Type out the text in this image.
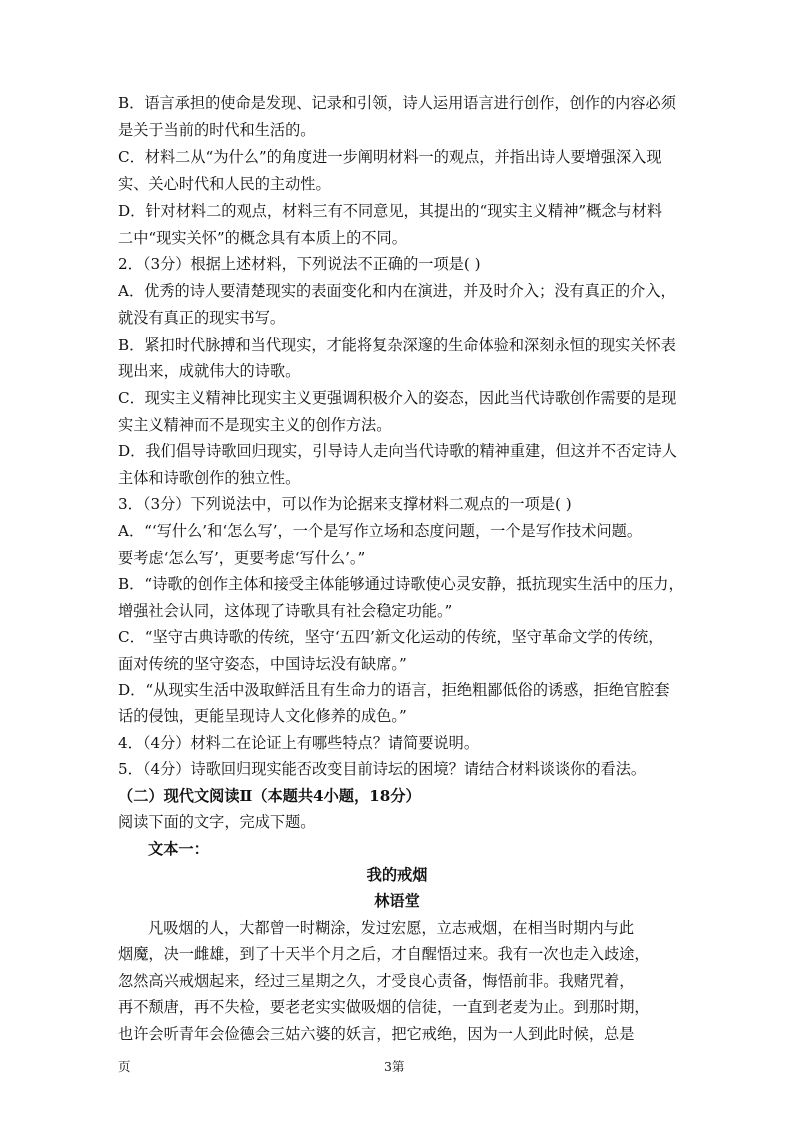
B．语言承担的使命是发现、记录和引领，诗人运用语言进行创作，创作的内容必须
是关于当前的时代和生活的。
C．材料二从“为什么”的角度进一步阐明材料一的观点，并指出诗人要增强深入现
实、关心时代和人民的主动性。
D．针对材料二的观点，材料三有不同意见，其提出的“现实主义精神”概念与材料
二中“现实关怀”的概念具有本质上的不同。
2．（3分）根据上述材料，下列说法不正确的一项是( )
A．优秀的诗人要清楚现实的表面变化和内在演进，并及时介入；没有真正的介入，
就没有真正的现实书写。
B．紧扣时代脉搏和当代现实，才能将复杂深邃的生命体验和深刻永恒的现实关怀表
现出来，成就伟大的诗歌。
C．现实主义精神比现实主义更强调积极介入的姿态，因此当代诗歌创作需要的是现
实主义精神而不是现实主义的创作方法。
D．我们倡导诗歌回归现实，引导诗人走向当代诗歌的精神重建，但这并不否定诗人
主体和诗歌创作的独立性。
3．（3分）下列说法中，可以作为论据来支撑材料二观点的一项是( )
A．“‘写什么’和‘怎么写’，一个是写作立场和态度问题，一个是写作技术问题。
要考虑‘怎么写’，更要考虑‘写什么’。”
B．“诗歌的创作主体和接受主体能够通过诗歌使心灵安静，抵抗现实生活中的压力，
增强社会认同，这体现了诗歌具有社会稳定功能。”
C．“坚守古典诗歌的传统，坚守‘五四’新文化运动的传统，坚守革命文学的传统，
面对传统的坚守姿态，中国诗坛没有缺席。”
D．“从现实生活中汲取鲜活且有生命力的语言，拒绝粗鄙低俗的诱惑，拒绝官腔套
话的侵蚀，更能呈现诗人文化修养的成色。”
4．（4分）材料二在论证上有哪些特点？请简要说明。
5．（4分）诗歌回归现实能否改变目前诗坛的困境？请结合材料谈谈你的看法。
（二）现代文阅读Ⅱ（本题共4小题，18分）
阅读下面的文字，完成下题。
文本一：
我的戒烟
林语堂
凡吸烟的人，大都曾一时糊涂，发过宏愿，立志戒烟，在相当时期内与此
烟魔，决一雌雄，到了十天半个月之后，才自醒悟过来。我有一次也走入歧途，
忽然高兴戒烟起来，经过三星期之久，才受良心责备，悔悟前非。我赌咒着，
再不颓唐，再不失检，要老老实实做吸烟的信徒，一直到老麦为止。到那时期，
也许会听青年会俭德会三姑六婆的妖言，把它戒绝，因为一人到此时候，总是
页	3第
